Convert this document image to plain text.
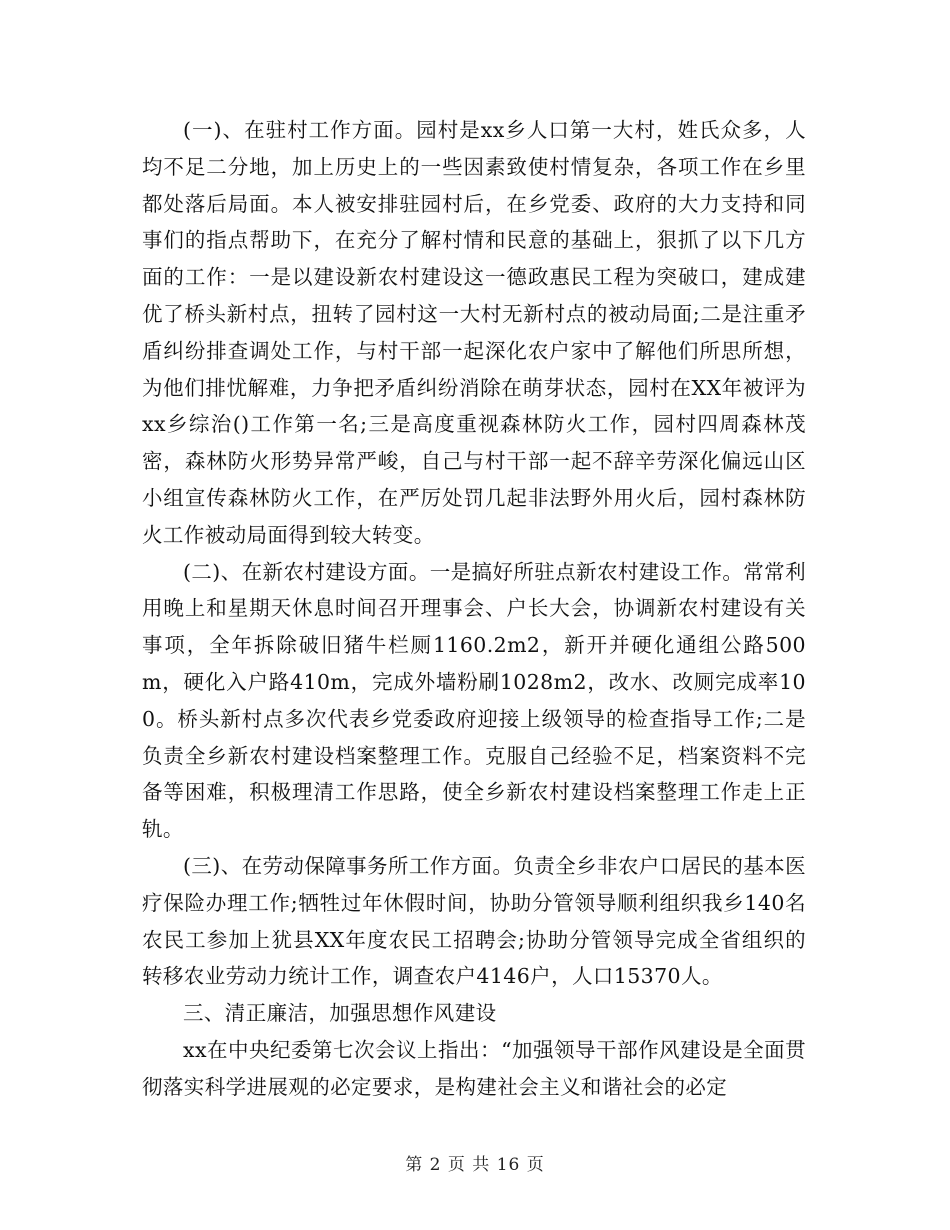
(一)、在驻村工作方面。园村是xx乡人口第一大村，姓氏众多，人均不足二分地，加上历史上的一些因素致使村情复杂，各项工作在乡里都处落后局面。本人被安排驻园村后，在乡党委、政府的大力支持和同事们的指点帮助下，在充分了解村情和民意的基础上，狠抓了以下几方面的工作：一是以建设新农村建设这一德政惠民工程为突破口，建成建优了桥头新村点，扭转了园村这一大村无新村点的被动局面;二是注重矛盾纠纷排查调处工作，与村干部一起深化农户家中了解他们所思所想，为他们排忧解难，力争把矛盾纠纷消除在萌芽状态，园村在XX年被评为xx乡综治()工作第一名;三是高度重视森林防火工作，园村四周森林茂密，森林防火形势异常严峻，自己与村干部一起不辞辛劳深化偏远山区小组宣传森林防火工作，在严厉处罚几起非法野外用火后，园村森林防火工作被动局面得到较大转变。

(二)、在新农村建设方面。一是搞好所驻点新农村建设工作。常常利用晚上和星期天休息时间召开理事会、户长大会，协调新农村建设有关事项，全年拆除破旧猪牛栏厕1160.2m2，新开并硬化通组公路500m，硬化入户路410m，完成外墙粉刷1028m2，改水、改厕完成率100。桥头新村点多次代表乡党委政府迎接上级领导的检查指导工作;二是负责全乡新农村建设档案整理工作。克服自己经验不足，档案资料不完备等困难，积极理清工作思路，使全乡新农村建设档案整理工作走上正轨。

(三)、在劳动保障事务所工作方面。负责全乡非农户口居民的基本医疗保险办理工作;牺牲过年休假时间，协助分管领导顺利组织我乡140名农民工参加上犹县XX年度农民工招聘会;协助分管领导完成全省组织的转移农业劳动力统计工作，调查农户4146户，人口15370人。

三、清正廉洁，加强思想作风建设

xx在中央纪委第七次会议上指出：“加强领导干部作风建设是全面贯彻落实科学进展观的必定要求，是构建社会主义和谐社会的必定

第 2 页 共 16 页
